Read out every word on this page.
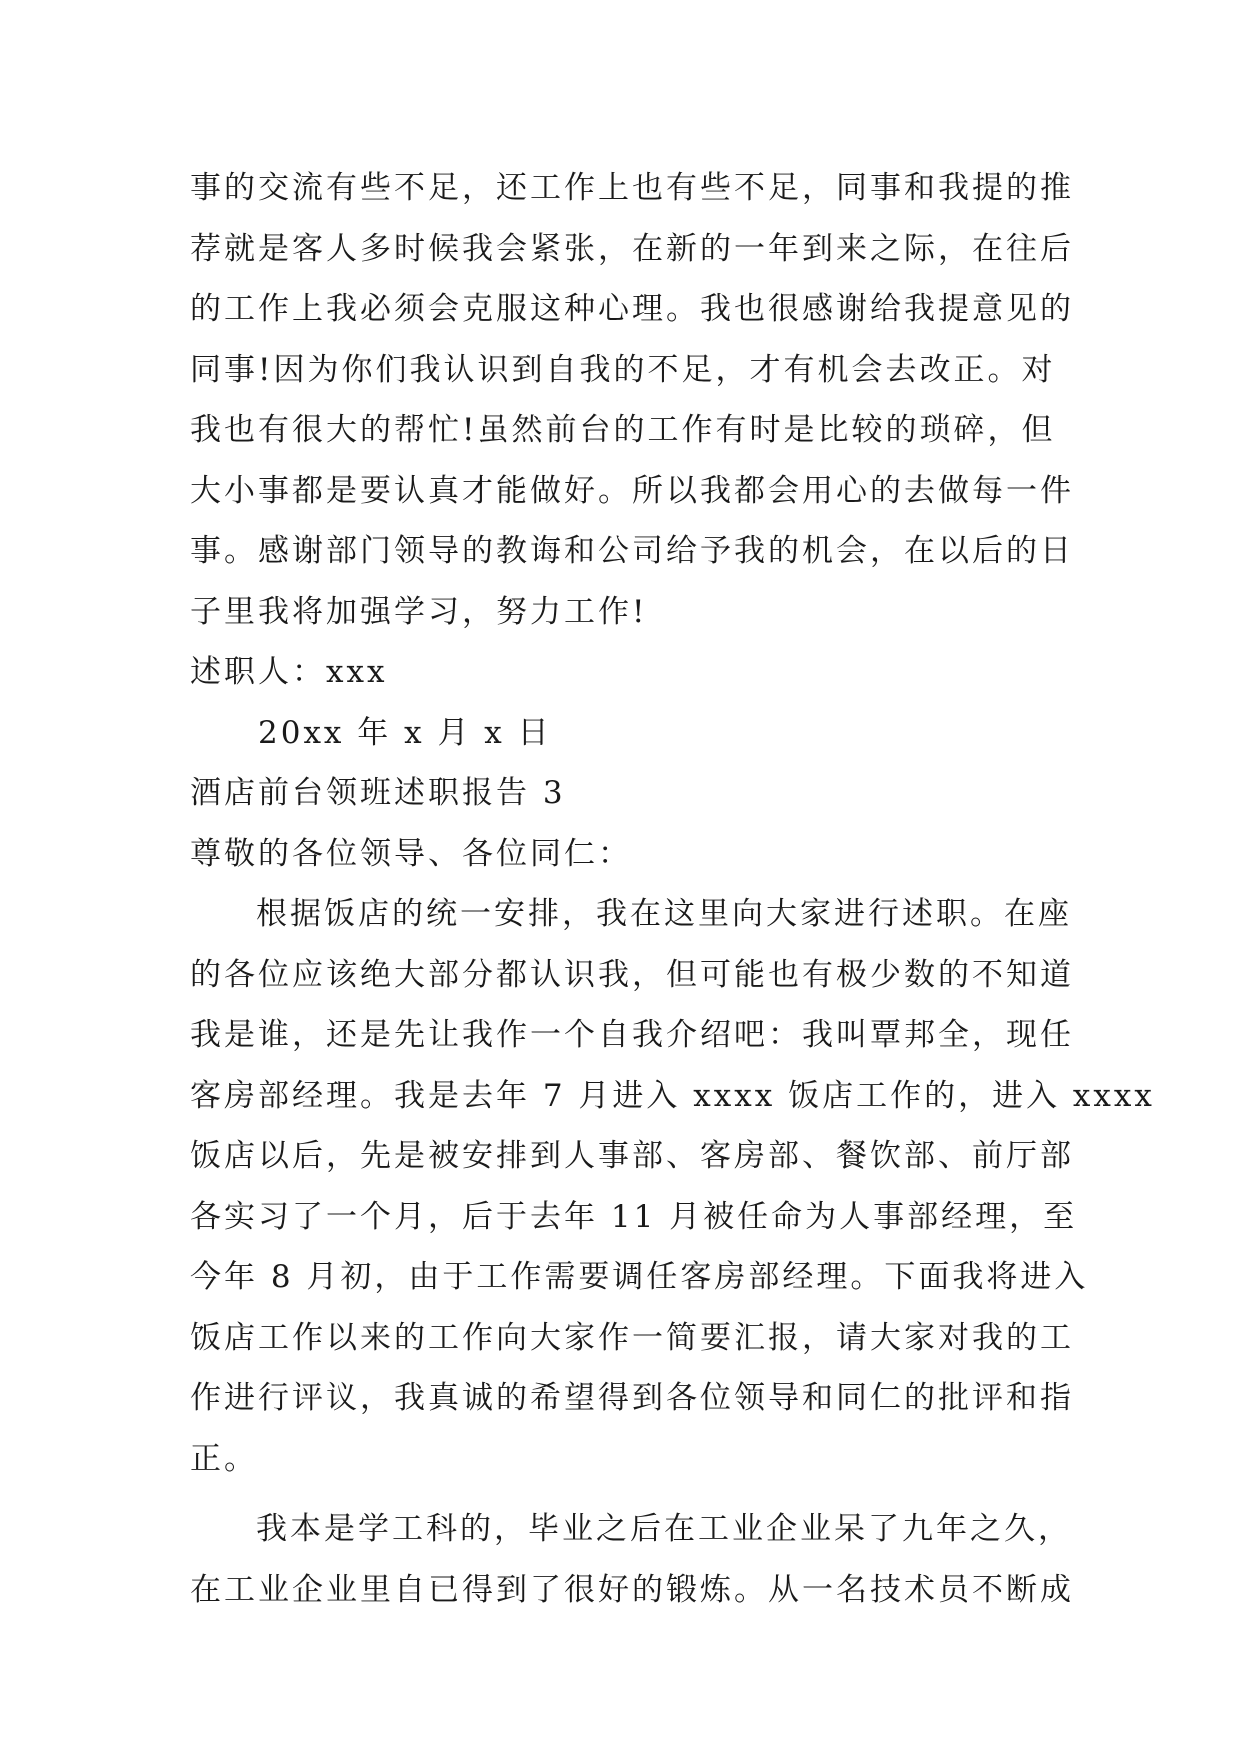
事的交流有些不足，还工作上也有些不足，同事和我提的推
荐就是客人多时候我会紧张，在新的一年到来之际，在往后
的工作上我必须会克服这种心理。我也很感谢给我提意见的
同事!因为你们我认识到自我的不足，才有机会去改正。对
我也有很大的帮忙!虽然前台的工作有时是比较的琐碎，但
大小事都是要认真才能做好。所以我都会用心的去做每一件
事。感谢部门领导的教诲和公司给予我的机会，在以后的日
子里我将加强学习，努力工作!
述职人：xxx
20xx 年 x 月 x 日
酒店前台领班述职报告 3
尊敬的各位领导、各位同仁：
根据饭店的统一安排，我在这里向大家进行述职。在座
的各位应该绝大部分都认识我，但可能也有极少数的不知道
我是谁，还是先让我作一个自我介绍吧：我叫覃邦全，现任
客房部经理。我是去年 7 月进入 xxxx 饭店工作的，进入 xxxx
饭店以后，先是被安排到人事部、客房部、餐饮部、前厅部
各实习了一个月，后于去年 11 月被任命为人事部经理，至
今年 8 月初，由于工作需要调任客房部经理。下面我将进入
饭店工作以来的工作向大家作一简要汇报，请大家对我的工
作进行评议，我真诚的希望得到各位领导和同仁的批评和指
正。
我本是学工科的，毕业之后在工业企业呆了九年之久，
在工业企业里自已得到了很好的锻炼。从一名技术员不断成
